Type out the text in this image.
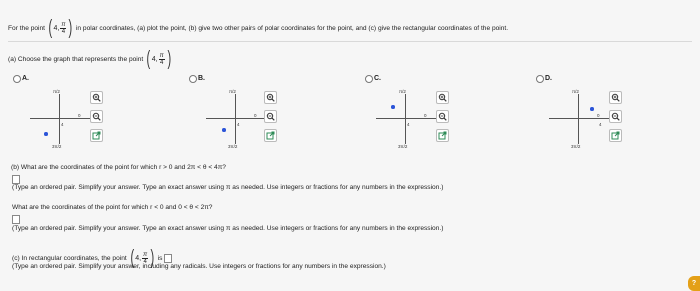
For the point ( 4, $\frac{\pi}{4}$ ) in polar coordinates, (a) plot the point, (b) give two other pairs of polar coordinates for the point, and (c) give the rectangular coordinates of the point.
(a) Choose the graph that represents the point ( 4, $\frac{\pi}{4}$ )
A.	B.	C.	D.
π/2
0
4
3π/2
π/2
0
4
3π/2
π/2
0
4
3π/2
π/2
0
4
3π/2
(b) What are the coordinates of the point for which r > 0 and 2π < θ < 4π?
(Type an ordered pair. Simplify your answer. Type an exact answer using π as needed. Use integers or fractions for any numbers in the expression.)
What are the coordinates of the point for which r < 0 and 0 < θ < 2π?
(Type an ordered pair. Simplify your answer. Type an exact answer using π as needed. Use integers or fractions for any numbers in the expression.)
(c) In rectangular coordinates, the point ( 4, $\frac{\pi}{4}$ ) is
(Type an ordered pair. Simplify your answer, including any radicals. Use integers or fractions for any numbers in the expression.)
?
